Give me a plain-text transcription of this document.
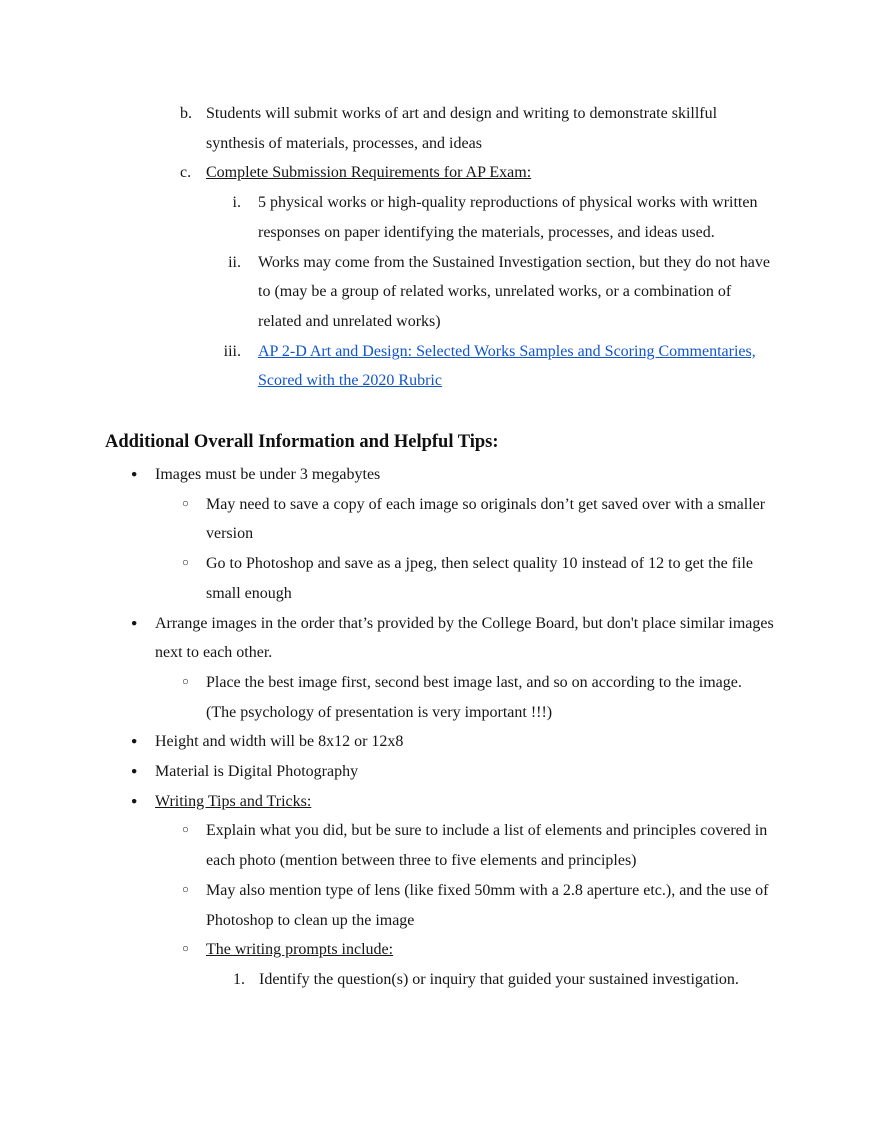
b. Students will submit works of art and design and writing to demonstrate skillful synthesis of materials, processes, and ideas
c. Complete Submission Requirements for AP Exam:
i.	5 physical works or high-quality reproductions of physical works with written responses on paper identifying the materials, processes, and ideas used.
ii.	Works may come from the Sustained Investigation section, but they do not have to (may be a group of related works, unrelated works, or a combination of related and unrelated works)
iii.	AP 2-D Art and Design: Selected Works Samples and Scoring Commentaries, Scored with the 2020 Rubric
Additional Overall Information and Helpful Tips:
●	Images must be under 3 megabytes
○	May need to save a copy of each image so originals don’t get saved over with a smaller version
○	Go to Photoshop and save as a jpeg, then select quality 10 instead of 12 to get the file small enough
●	Arrange images in the order that’s provided by the College Board, but don't place similar images next to each other.
○	Place the best image first, second best image last, and so on according to the image. (The psychology of presentation is very important !!!)
●	Height and width will be 8x12 or 12x8
●	Material is Digital Photography
●	Writing Tips and Tricks:
○	Explain what you did, but be sure to include a list of elements and principles covered in each photo (mention between three to five elements and principles)
○	May also mention type of lens (like fixed 50mm with a 2.8 aperture etc.), and the use of Photoshop to clean up the image
○	The writing prompts include:
1. Identify the question(s) or inquiry that guided your sustained investigation.
